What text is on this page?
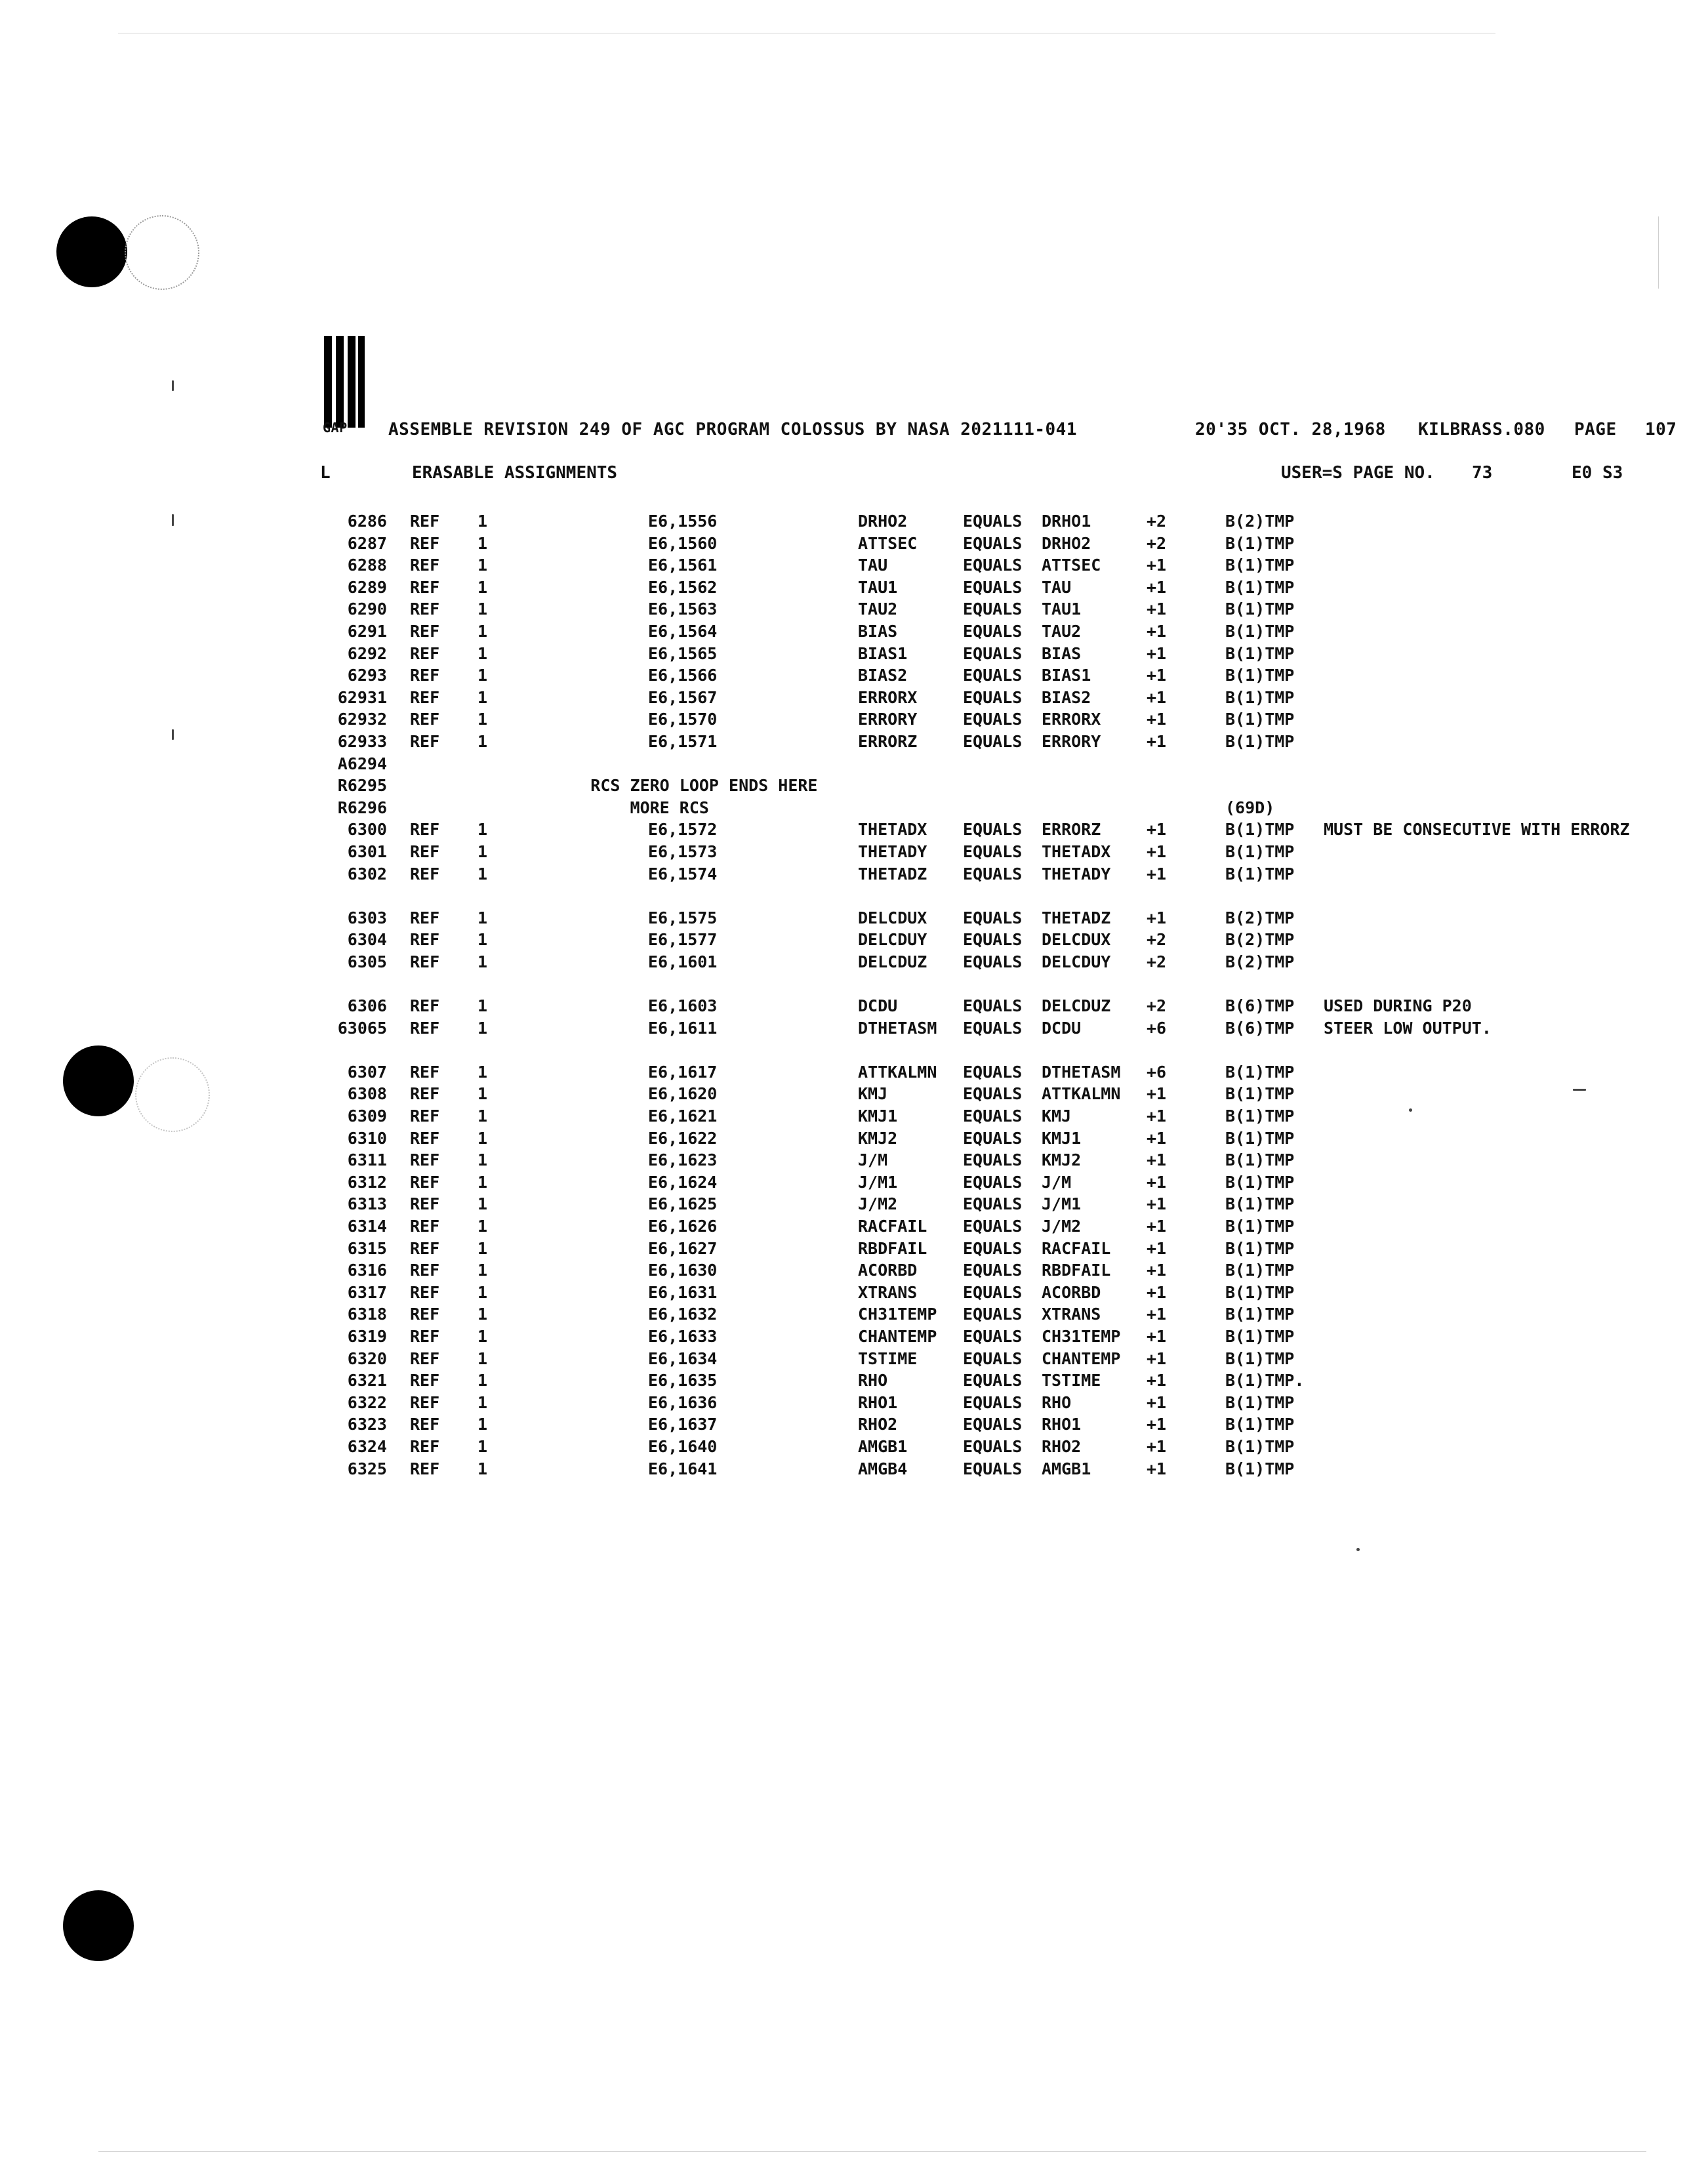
GAP ASSEMBLE REVISION 249 OF AGC PROGRAM COLOSSUS BY NASA 2021111-041	20'35 OCT. 28,1968 KILBRASS.080 PAGE 107
L	ERASABLE ASSIGNMENTS	USER=S PAGE NO. 73	E0 S3
6286 REF 1	E6,1556	DRHO2	EQUALS DRHO1	+2	B(2)TMP
6287 REF 1	E6,1560	ATTSEC	EQUALS DRHO2	+2	B(1)TMP
6288 REF 1	E6,1561	TAU	EQUALS ATTSEC	+1	B(1)TMP
6289 REF 1	E6,1562	TAU1	EQUALS TAU	+1	B(1)TMP
6290 REF 1	E6,1563	TAU2	EQUALS TAU1	+1	B(1)TMP
6291 REF 1	E6,1564	BIAS	EQUALS TAU2	+1	B(1)TMP
6292 REF 1	E6,1565	BIAS1	EQUALS BIAS	+1	B(1)TMP
6293 REF 1	E6,1566	BIAS2	EQUALS BIAS1	+1	B(1)TMP
62931 REF 1	E6,1567	ERRORX	EQUALS BIAS2	+1	B(1)TMP
62932 REF 1	E6,1570	ERRORY	EQUALS ERRORX	+1	B(1)TMP
62933 REF 1	E6,1571	ERRORZ	EQUALS ERRORY	+1	B(1)TMP
A6294
R6295	RCS ZERO LOOP ENDS HERE
R6296	MORE RCS	(69D)
6300 REF 1	E6,1572	THETADX EQUALS ERRORZ	+1	B(1)TMP MUST BE CONSECUTIVE WITH ERRORZ
6301 REF 1	E6,1573	THETADY EQUALS THETADX +1	B(1)TMP
6302 REF 1	E6,1574	THETADZ EQUALS THETADY +1	B(1)TMP
6303 REF 1	E6,1575	DELCDUX EQUALS THETADZ +1	B(2)TMP
6304 REF 1	E6,1577	DELCDUY EQUALS DELCDUX +2	B(2)TMP
6305 REF 1	E6,1601	DELCDUZ EQUALS DELCDUY +2	B(2)TMP
6306 REF 1	E6,1603	DCDU	EQUALS DELCDUZ +2	B(6)TMP USED DURING P20
63065 REF 1	E6,1611	DTHETASM EQUALS DCDU	+6	B(6)TMP STEER LOW OUTPUT.
6307 REF 1	E6,1617	ATTKALMN EQUALS DTHETASM +6	B(1)TMP
6308 REF 1	E6,1620	KMJ	EQUALS ATTKALMN +1	B(1)TMP
6309 REF 1	E6,1621	KMJ1	EQUALS KMJ	+1	B(1)TMP
6310 REF 1	E6,1622	KMJ2	EQUALS KMJ1	+1	B(1)TMP
6311 REF 1	E6,1623	J/M	EQUALS KMJ2	+1	B(1)TMP
6312 REF 1	E6,1624	J/M1	EQUALS J/M	+1	B(1)TMP
6313 REF 1	E6,1625	J/M2	EQUALS J/M1	+1	B(1)TMP
6314 REF 1	E6,1626	RACFAIL EQUALS J/M2	+1	B(1)TMP
6315 REF 1	E6,1627	RBDFAIL EQUALS RACFAIL +1	B(1)TMP
6316 REF 1	E6,1630	ACORBD	EQUALS RBDFAIL +1	B(1)TMP
6317 REF 1	E6,1631	XTRANS	EQUALS ACORBD	+1	B(1)TMP
6318 REF 1	E6,1632	CH31TEMP EQUALS XTRANS	+1	B(1)TMP
6319 REF 1	E6,1633	CHANTEMP EQUALS CH31TEMP +1	B(1)TMP
6320 REF 1	E6,1634	TSTIME	EQUALS CHANTEMP +1	B(1)TMP
6321 REF 1	E6,1635	RHO	EQUALS TSTIME	+1	B(1)TMP.
6322 REF 1	E6,1636	RHO1	EQUALS RHO	+1	B(1)TMP
6323 REF 1	E6,1637	RHO2	EQUALS RHO1	+1	B(1)TMP
6324 REF 1	E6,1640	AMGB1	EQUALS RHO2	+1	B(1)TMP
6325 REF 1	E6,1641	AMGB4	EQUALS AMGB1	+1	B(1)TMP
